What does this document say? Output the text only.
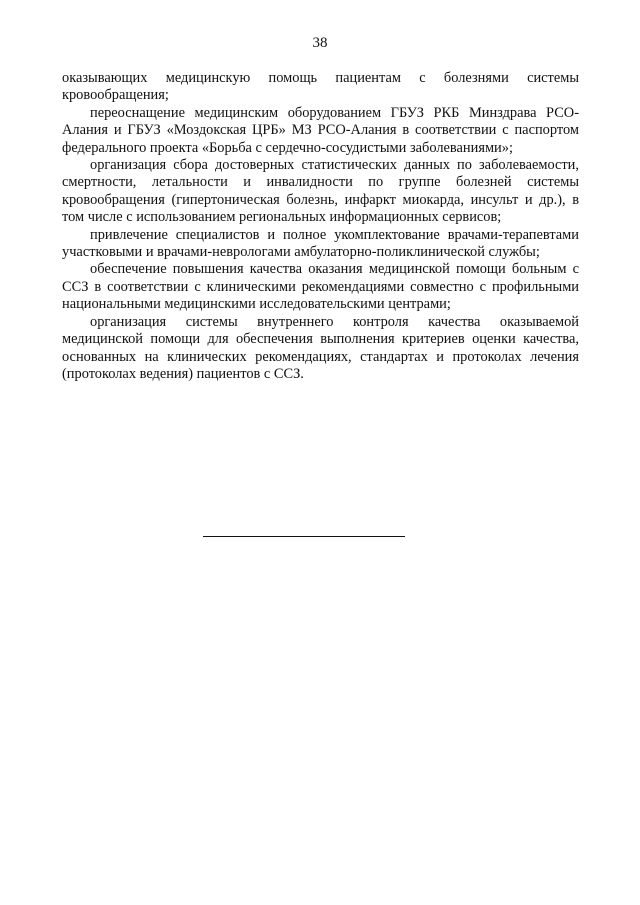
38

оказывающих медицинскую помощь пациентам с болезнями системы кровообращения;

переоснащение медицинским оборудованием ГБУЗ РКБ Минздрава РСО-Алания и ГБУЗ «Моздокская ЦРБ» МЗ РСО-Алания в соответствии с паспортом федерального проекта «Борьба с сердечно-сосудистыми заболеваниями»;

организация сбора достоверных статистических данных по заболеваемости, смертности, летальности и инвалидности по группе болезней системы кровообращения (гипертоническая болезнь, инфаркт миокарда, инсульт и др.), в том числе с использованием региональных информационных сервисов;

привлечение специалистов и полное укомплектование врачами-терапевтами участковыми и врачами-неврологами амбулаторно-поликлинической службы;

обеспечение повышения качества оказания медицинской помощи больным с ССЗ в соответствии с клиническими рекомендациями совместно с профильными национальными медицинскими исследовательскими центрами;

организация системы внутреннего контроля качества оказываемой медицинской помощи для обеспечения выполнения критериев оценки качества, основанных на клинических рекомендациях, стандартах и протоколах лечения (протоколах ведения) пациентов с ССЗ.
